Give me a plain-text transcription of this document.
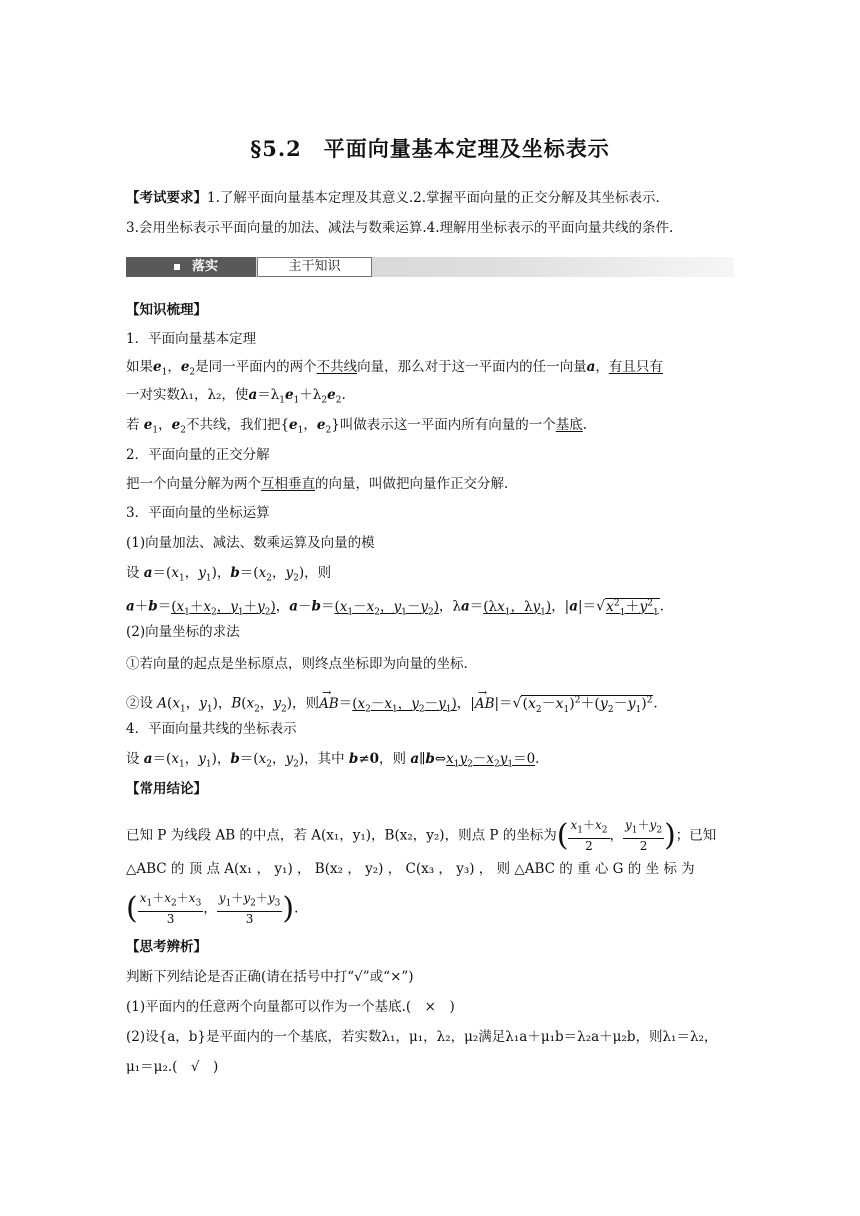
§5.2　平面向量基本定理及坐标表示
【考试要求】1.了解平面向量基本定理及其意义.2.掌握平面向量的正交分解及其坐标表示.
3.会用坐标表示平面向量的加法、减法与数乘运算.4.理解用坐标表示的平面向量共线的条件.
落实	主干知识
【知识梳理】
1．平面向量基本定理
如果$e_1$，$e_2$是同一平面内的两个不共线向量，那么对于这一平面内的任一向量a，有且只有
一对实数λ₁，λ₂，使$a=\lambda_1e_1+\lambda_2e_2$.
若 $e_1$，$e_2$不共线，我们把{$e_1$，$e_2$}叫做表示这一平面内所有向量的一个基底.
2．平面向量的正交分解
把一个向量分解为两个互相垂直的向量，叫做把向量作正交分解.
3．平面向量的坐标运算
(1)向量加法、减法、数乘运算及向量的模
设 $a=(x_1$，$y_1$)，$b=(x_2$，$y_2$)，则
$a+b=(x_1+x_2$，$y_1+y_2$)，$a-b=(x_1-x_2$，$y_1-y_2$)，$\lambda a=(\lambda x_1$，$\lambda y_1$)，$|a|=√x^2_1+y^2_1$.
(2)向量坐标的求法
①若向量的起点是坐标原点，则终点坐标即为向量的坐标.
②设 $A(x_1$，$y_1$)，$B(x_2$，$y_2$)，则→ $AB=(x_2-x_1$，$y_2-y_1$)，|→ $AB|=√(x_2-x_1)^2+(y_2-y_1)^2$.
4．平面向量共线的坐标表示
设 $a=(x_1$，$y_1$)，$b=(x_2$，$y_2$)，其中 b≠0，则 $a\parallel b\Leftrightarrow x_1y_2-x_2y_1=0$.
【常用结论】
已知 P 为线段 AB 的中点，若 A(x₁，y₁)，B(x₂，y₂)，则点 P 的坐标为( $\frac{x_1+x_2}{2}$ ， $\frac{y_1+y_2}{2}$ )；已知
△ABC 的 顶 点 A(x₁ ， y₁) ， B(x₂ ， y₂) ， C(x₃ ， y₃) ， 则 △ABC 的 重 心 G 的 坐 标 为
( $\frac{x_1+x_2+x_3}{3}$ ， $\frac{y_1+y_2+y_3}{3}$ ).
【思考辨析】
判断下列结论是否正确(请在括号中打“√”或“×”)
(1)平面内的任意两个向量都可以作为一个基底.(　×　)
(2)设{a，b}是平面内的一个基底，若实数λ₁，μ₁，λ₂，μ₂满足λ₁a＋μ₁b＝λ₂a＋μ₂b，则λ₁＝λ₂，
μ₁＝μ₂.(　√　)
